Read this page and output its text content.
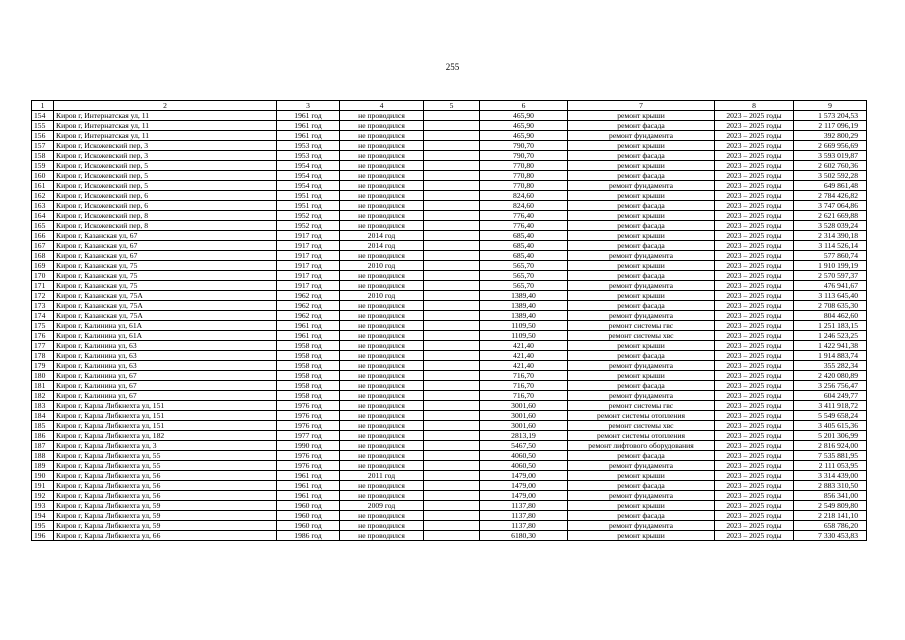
255
1	2	3	4	5	6	7	8	9
154	Киров г, Интернатская ул, 11	1961 год	не проводился		465,90	ремонт крыши	2023 – 2025 годы	1 573 204,53
155	Киров г, Интернатская ул, 11	1961 год	не проводился		465,90	ремонт фасада	2023 – 2025 годы	2 117 096,19
156	Киров г, Интернатская ул, 11	1961 год	не проводился		465,90	ремонт фундамента	2023 – 2025 годы	392 800,29
157	Киров г, Искожевский пер, 3	1953 год	не проводился		790,70	ремонт крыши	2023 – 2025 годы	2 669 956,69
158	Киров г, Искожевский пер, 3	1953 год	не проводился		790,70	ремонт фасада	2023 – 2025 годы	3 593 019,87
159	Киров г, Искожевский пер, 5	1954 год	не проводился		770,80	ремонт крыши	2023 – 2025 годы	2 602 760,36
160	Киров г, Искожевский пер, 5	1954 год	не проводился		770,80	ремонт фасада	2023 – 2025 годы	3 502 592,28
161	Киров г, Искожевский пер, 5	1954 год	не проводился		770,80	ремонт фундамента	2023 – 2025 годы	649 861,48
162	Киров г, Искожевский пер, 6	1951 год	не проводился		824,60	ремонт крыши	2023 – 2025 годы	2 784 426,82
163	Киров г, Искожевский пер, 6	1951 год	не проводился		824,60	ремонт фасада	2023 – 2025 годы	3 747 064,86
164	Киров г, Искожевский пер, 8	1952 год	не проводился		776,40	ремонт крыши	2023 – 2025 годы	2 621 669,88
165	Киров г, Искожевский пер, 8	1952 год	не проводился		776,40	ремонт фасада	2023 – 2025 годы	3 528 039,24
166	Киров г, Казанская ул, 67	1917 год	2014 год		685,40	ремонт крыши	2023 – 2025 годы	2 314 390,18
167	Киров г, Казанская ул, 67	1917 год	2014 год		685,40	ремонт фасада	2023 – 2025 годы	3 114 526,14
168	Киров г, Казанская ул, 67	1917 год	не проводился		685,40	ремонт фундамента	2023 – 2025 годы	577 860,74
169	Киров г, Казанская ул, 75	1917 год	2010 год		565,70	ремонт крыши	2023 – 2025 годы	1 910 199,19
170	Киров г, Казанская ул, 75	1917 год	не проводился		565,70	ремонт фасада	2023 – 2025 годы	2 570 597,37
171	Киров г, Казанская ул, 75	1917 год	не проводился		565,70	ремонт фундамента	2023 – 2025 годы	476 941,67
172	Киров г, Казанская ул, 75А	1962 год	2010 год		1389,40	ремонт крыши	2023 – 2025 годы	3 113 645,40
173	Киров г, Казанская ул, 75А	1962 год	не проводился		1389,40	ремонт фасада	2023 – 2025 годы	2 708 635,30
174	Киров г, Казанская ул, 75А	1962 год	не проводился		1389,40	ремонт фундамента	2023 – 2025 годы	804 462,60
175	Киров г, Калинина ул, 61А	1961 год	не проводился		1109,50	ремонт системы гвс	2023 – 2025 годы	1 251 183,15
176	Киров г, Калинина ул, 61А	1961 год	не проводился		1109,50	ремонт системы хвс	2023 – 2025 годы	1 246 523,25
177	Киров г, Калинина ул, 63	1958 год	не проводился		421,40	ремонт крыши	2023 – 2025 годы	1 422 941,38
178	Киров г, Калинина ул, 63	1958 год	не проводился		421,40	ремонт фасада	2023 – 2025 годы	1 914 883,74
179	Киров г, Калинина ул, 63	1958 год	не проводился		421,40	ремонт фундамента	2023 – 2025 годы	355 282,34
180	Киров г, Калинина ул, 67	1958 год	не проводился		716,70	ремонт крыши	2023 – 2025 годы	2 420 080,89
181	Киров г, Калинина ул, 67	1958 год	не проводился		716,70	ремонт фасада	2023 – 2025 годы	3 256 756,47
182	Киров г, Калинина ул, 67	1958 год	не проводился		716,70	ремонт фундамента	2023 – 2025 годы	604 249,77
183	Киров г, Карла Либкнехта ул, 151	1976 год	не проводился		3001,60	ремонт системы гвс	2023 – 2025 годы	3 411 918,72
184	Киров г, Карла Либкнехта ул, 151	1976 год	не проводился		3001,60	ремонт системы отопления	2023 – 2025 годы	5 549 658,24
185	Киров г, Карла Либкнехта ул, 151	1976 год	не проводился		3001,60	ремонт системы хвс	2023 – 2025 годы	3 405 615,36
186	Киров г, Карла Либкнехта ул, 182	1977 год	не проводился		2813,19	ремонт системы отопления	2023 – 2025 годы	5 201 306,99
187	Киров г, Карла Либкнехта ул, 3	1990 год	не проводился		5467,50	ремонт лифтового оборудования	2023 – 2025 годы	2 816 924,00
188	Киров г, Карла Либкнехта ул, 55	1976 год	не проводился		4060,50	ремонт фасада	2023 – 2025 годы	7 535 881,95
189	Киров г, Карла Либкнехта ул, 55	1976 год	не проводился		4060,50	ремонт фундамента	2023 – 2025 годы	2 111 053,95
190	Киров г, Карла Либкнехта ул, 56	1961 год	2011 год		1479,00	ремонт крыши	2023 – 2025 годы	3 314 439,00
191	Киров г, Карла Либкнехта ул, 56	1961 год	не проводился		1479,00	ремонт фасада	2023 – 2025 годы	2 883 310,50
192	Киров г, Карла Либкнехта ул, 56	1961 год	не проводился		1479,00	ремонт фундамента	2023 – 2025 годы	856 341,00
193	Киров г, Карла Либкнехта ул, 59	1960 год	2009 год		1137,80	ремонт крыши	2023 – 2025 годы	2 549 809,80
194	Киров г, Карла Либкнехта ул, 59	1960 год	не проводился		1137,80	ремонт фасада	2023 – 2025 годы	2 218 141,10
195	Киров г, Карла Либкнехта ул, 59	1960 год	не проводился		1137,80	ремонт фундамента	2023 – 2025 годы	658 786,20
196	Киров г, Карла Либкнехта ул, 66	1986 год	не проводился		6180,30	ремонт крыши	2023 – 2025 годы	7 330 453,83
